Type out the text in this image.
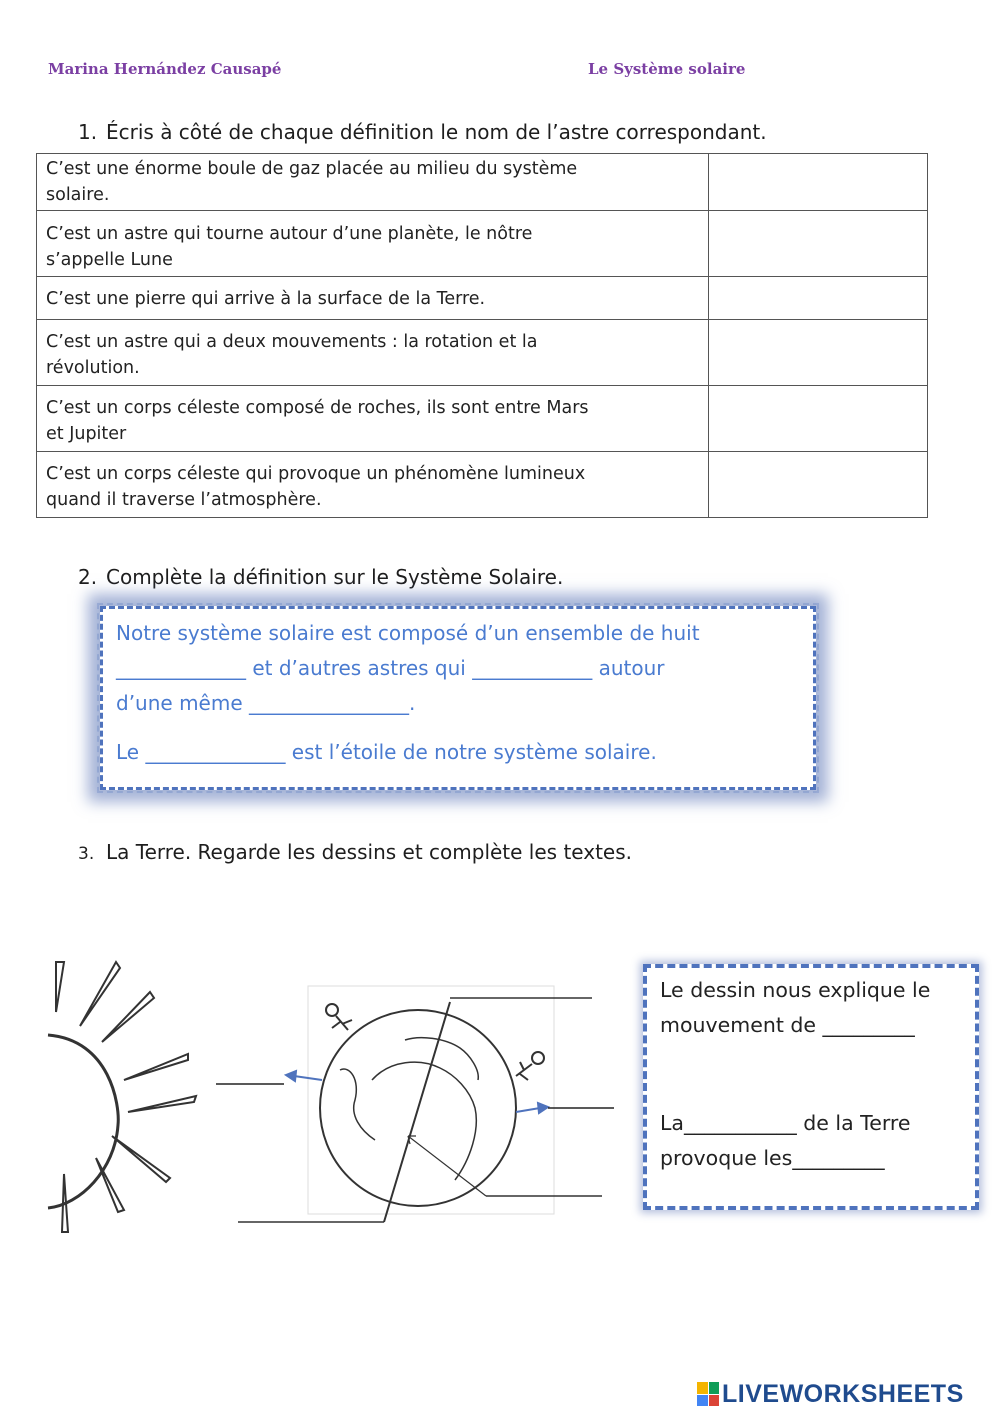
Marina Hernández Causapé	Le Système solaire
1. Écris à côté de chaque définition le nom de l’astre correspondant.
C’est une énorme boule de gaz placée au milieu du système
solaire.	

C’est un astre qui tourne autour d’une planète, le nôtre
s’appelle Lune	

C’est une pierre qui arrive à la surface de la Terre.	

C’est un astre qui a deux mouvements : la rotation et la
révolution.	

C’est un corps céleste composé de roches, ils sont entre Mars
et Jupiter	

C’est un corps céleste qui provoque un phénomène lumineux
quand il traverse l’atmosphère.	

2. Complète la définition sur le Système Solaire.

Notre système solaire est composé d’un ensemble de huit

_____________ et d’autres astres qui ____________ autour

d’une même ________________.

Le ______________ est l’étoile de notre système solaire.

3. La Terre. Regarde les dessins et complète les textes.

Le dessin nous explique le

mouvement de _________

La___________ de la Terre

provoque les_________

LIVEWORKSHEETS
